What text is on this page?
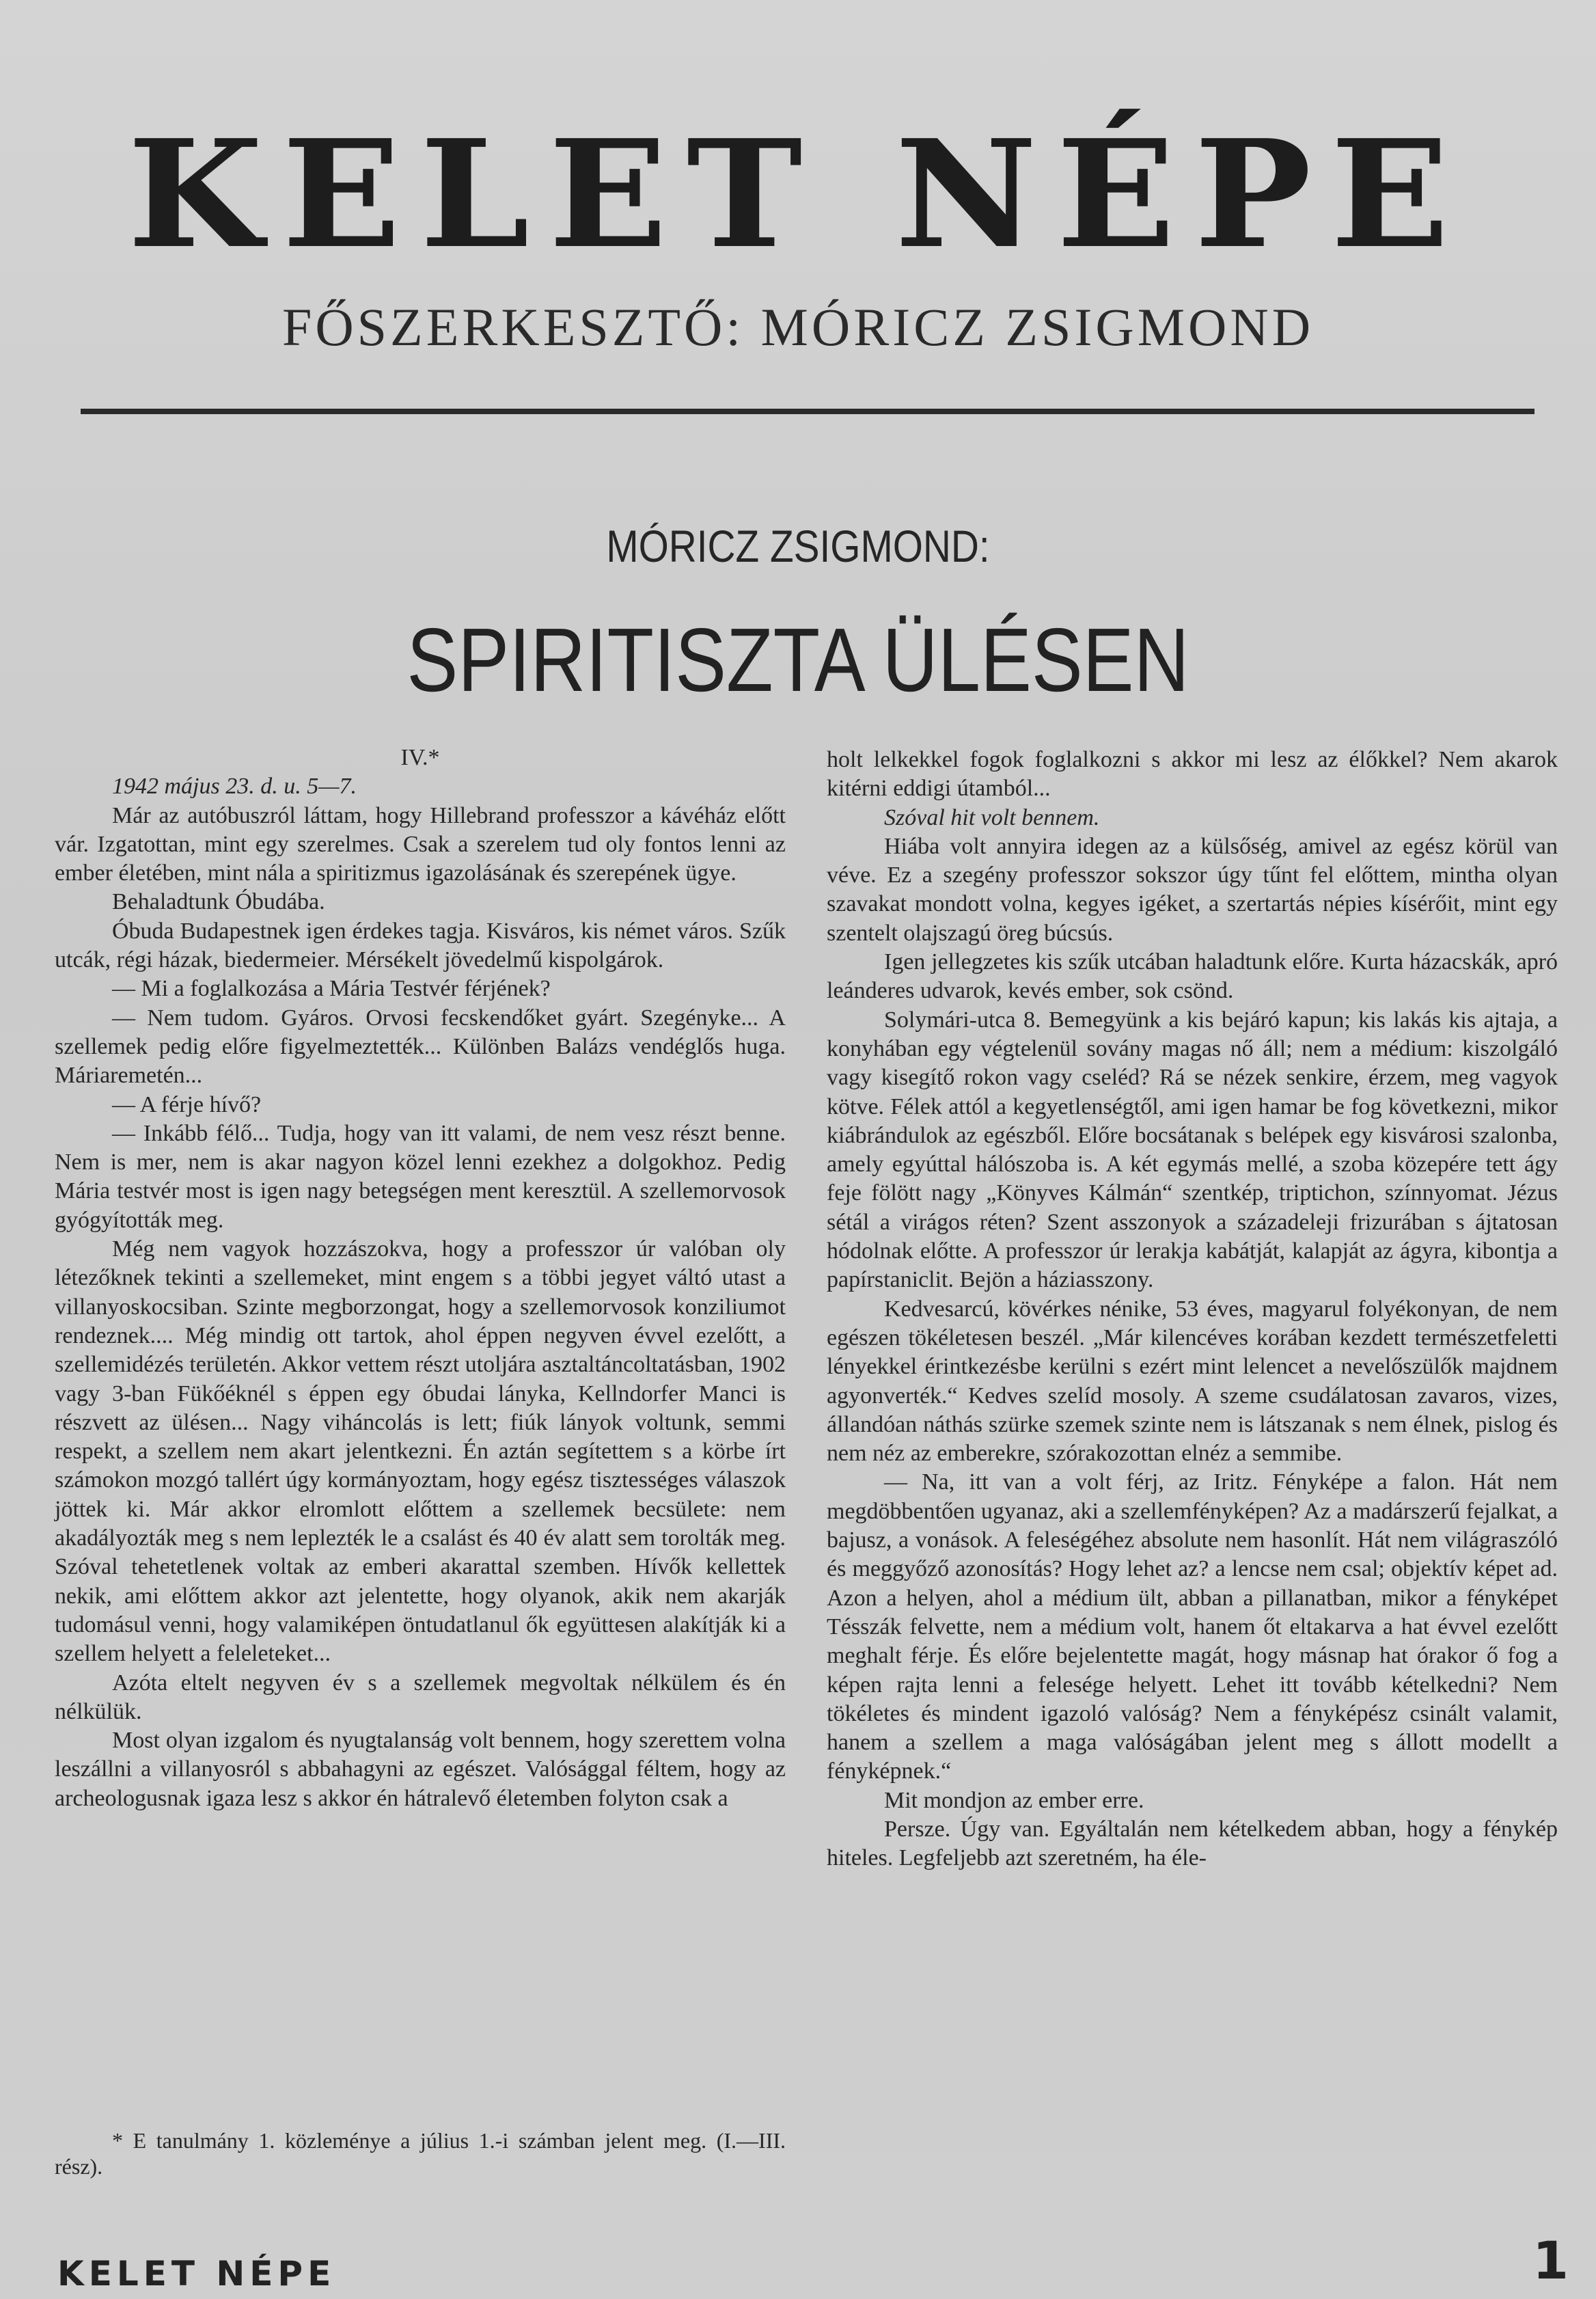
KELET NÉPE
FŐSZERKESZTŐ: MÓRICZ ZSIGMOND
MÓRICZ ZSIGMOND:
SPIRITISZTA ÜLÉSEN

IV.*

1942 május 23. d. u. 5—7.

Már az autóbuszról láttam, hogy Hillebrand professzor a kávéház előtt vár. Izgatottan, mint egy szerelmes. Csak a szerelem tud oly fontos lenni az ember életében, mint nála a spiritizmus igazolásának és szerepének ügye.

Behaladtunk Óbudába.

Óbuda Budapestnek igen érdekes tagja. Kisváros, kis német város. Szűk utcák, régi házak, biedermeier. Mérsékelt jövedelmű kispolgárok.

— Mi a foglalkozása a Mária Testvér férjének?

— Nem tudom. Gyáros. Orvosi fecskendőket gyárt. Szegényke... A szellemek pedig előre figyelmeztették... Különben Balázs vendéglős huga. Máriaremetén...

— A férje hívő?

— Inkább félő... Tudja, hogy van itt valami, de nem vesz részt benne. Nem is mer, nem is akar nagyon közel lenni ezekhez a dolgokhoz. Pedig Mária testvér most is igen nagy betegségen ment keresztül. A szellemorvosok gyógyították meg.

Még nem vagyok hozzászokva, hogy a professzor úr valóban oly létezőknek tekinti a szellemeket, mint engem s a többi jegyet váltó utast a villanyoskocsiban. Szinte megborzongat, hogy a szellemorvosok konziliumot rendeznek.... Még mindig ott tartok, ahol éppen negyven évvel ezelőtt, a szellemidézés területén. Akkor vettem részt utoljára asztaltáncoltatásban, 1902 vagy 3-ban Fükőéknél s éppen egy óbudai lánykа, Kellndorfer Manci is részvett az ülésen... Nagy viháncolás is lett; fiúk lányok voltunk, semmi respekt, a szellem nem akart jelentkezni. Én aztán segítettem s a körbe írt számokon mozgó tallért úgy kormányoztam, hogy egész tisztességes válaszok jöttek ki. Már akkor elromlott előttem a szellemek becsülete: nem akadályozták meg s nem leplezték le a csalást és 40 év alatt sem torolták meg. Szóval tehetetlenek voltak az emberi akarattal szemben. Hívők kellettek nekik, ami előttem akkor azt jelentette, hogy olyanok, akik nem akarják tudomásul venni, hogy valamiképen öntudatlanul ők együttesen alakítják ki a szellem helyett a feleleteket...

Azóta eltelt negyven év s a szellemek megvoltak nélkülem és én nélkülük.

Most olyan izgalom és nyugtalanság volt bennem, hogy szerettem volna leszállni a villanyosról s abbahagyni az egészet. Valósággal féltem, hogy az archeologusnak igaza lesz s akkor én hátralevő életemben folyton csak a

* E tanulmány 1. közleménye a július 1.-i számban jelent meg. (I.—III. rész).

holt lelkekkel fogok foglalkozni s akkor mi lesz az élőkkel? Nem akarok kitérni eddigi útamból...

Szóval hit volt bennem.

Hiába volt annyira idegen az a külsőség, amivel az egész körül van véve. Ez a szegény professzor sokszor úgy tűnt fel előttem, mintha olyan szavakat mondott volna, kegyes igéket, a szertartás népies kísérőit, mint egy szentelt olajszagú öreg búcsús.

Igen jellegzetes kis szűk utcában haladtunk előre. Kurta házacskák, apró leánderes udvarok, kevés ember, sok csönd.

Solymári-utca 8. Bemegyünk a kis bejáró kapun; kis lakás kis ajtaja, a konyhában egy végtelenül sovány magas nő áll; nem a médium: kiszolgáló vagy kisegítő rokon vagy cseléd? Rá se nézek senkire, érzem, meg vagyok kötve. Félek attól a kegyetlenségtől, ami igen hamar be fog következni, mikor kiábrándulok az egészből. Előre bocsátanak s belépek egy kisvárosi szalonba, amely egyúttal hálószoba is. A két egymás mellé, a szoba közepére tett ágy feje fölött nagy „Könyves Kálmán“ szentkép, triptichon, színnyomat. Jézus sétál a virágos réten? Szent asszonyok a századeleji frizurában s ájtatosan hódolnak előtte. A professzor úr lerakja kabátját, kalapját az ágyra, kibontja a papírstaniclit. Bejön a háziasszony.

Kedvesarcú, kövérkes nénike, 53 éves, magyarul folyékonyan, de nem egészen tökéletesen beszél. „Már kilencéves korában kezdett természetfeletti lényekkel érintkezésbe kerülni s ezért mint lelencet a nevelőszülők majdnem agyonverték.“ Kedves szelíd mosoly. A szeme csudálatosan zavaros, vizes, állandóan náthás szürke szemek szinte nem is látszanak s nem élnek, pislog és nem néz az emberekre, szórakozottan elnéz a semmibe.

— Na, itt van a volt férj, az Iritz. Fényképe a falon. Hát nem megdöbbentően ugyanaz, aki a szellemfényképen? Az a madárszerű fejalkat, a bajusz, a vonások. A feleségéhez absolute nem hasonlít. Hát nem világraszóló és meggyőző azonosítás? Hogy lehet az? a lencse nem csal; objektív képet ad. Azon a helyen, ahol a médium ült, abban a pillanatban, mikor a fényképet Tésszák felvette, nem a médium volt, hanem őt eltakarva a hat évvel ezelőtt meghalt férje. És előre bejelentette magát, hogy másnap hat órakor ő fog a képen rajta lenni a felesége helyett. Lehet itt tovább kételkedni? Nem tökéletes és mindent igazoló valóság? Nem a fényképész csinált valamit, hanem a szellem a maga valóságában jelent meg s állott modellt a fényképnek.“

Mit mondjon az ember erre.

Persze. Úgy van. Egyáltalán nem kételkedem abban, hogy a fénykép hiteles. Legfeljebb azt szeretném, ha éle-

KELET NÉPE	1
